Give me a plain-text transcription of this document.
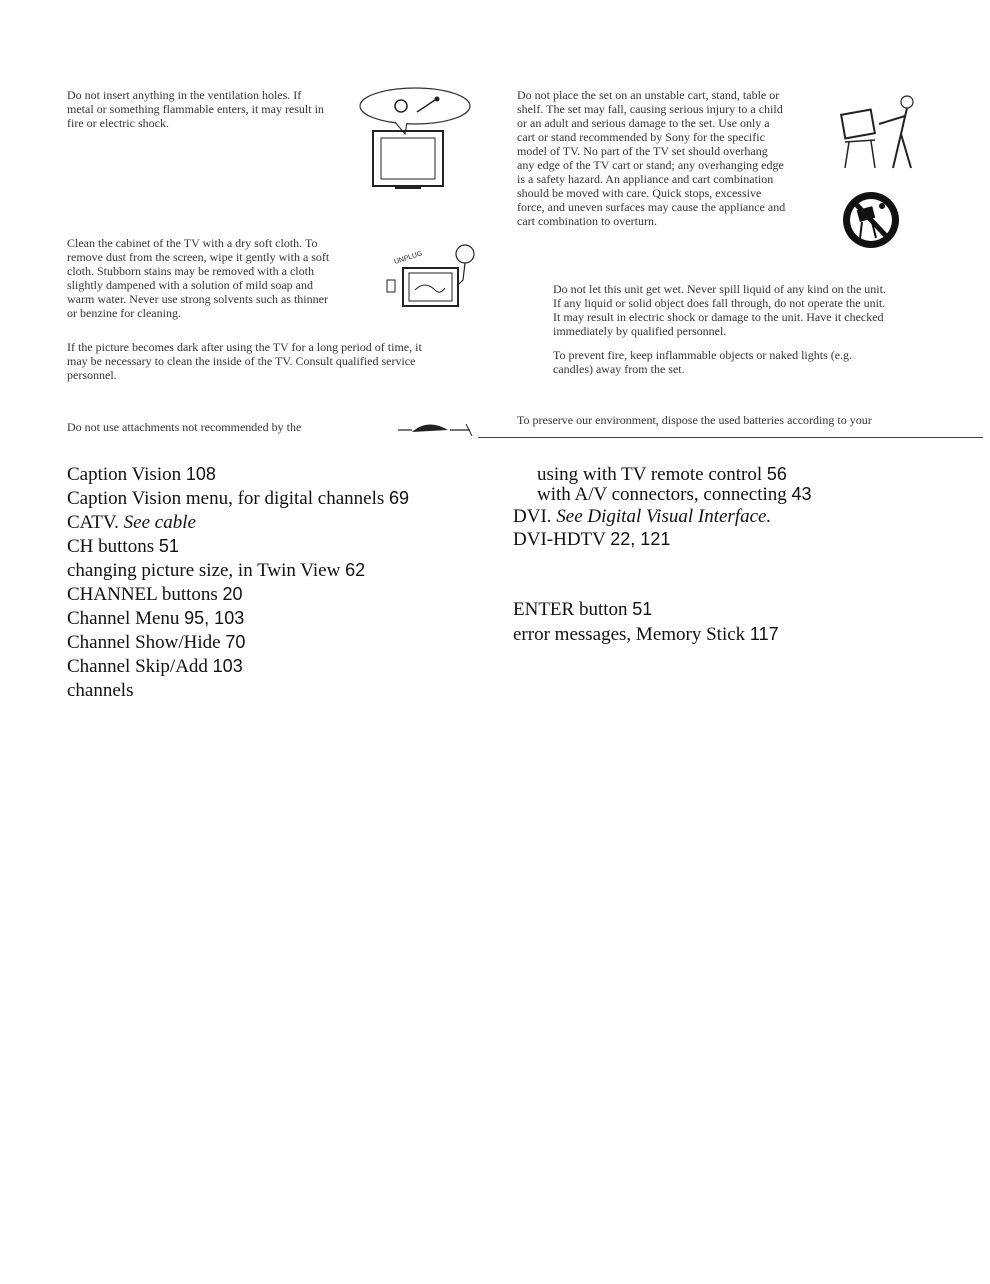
Do not insert anything in the ventilation holes. If
metal or something flammable enters, it may result in
fire or electric shock.

Clean the cabinet of the TV with a dry soft cloth. To
remove dust from the screen, wipe it gently with a soft
cloth. Stubborn stains may be removed with a cloth
slightly dampened with a solution of mild soap and
warm water. Never use strong solvents such as thinner
or benzine for cleaning.

UNPLUG

If the picture becomes dark after using the TV for a long period of time, it
may be necessary to clean the inside of the TV. Consult qualified service
personnel.

Do not use attachments not recommended by the

Do not place the set on an unstable cart, stand, table or
shelf. The set may fall, causing serious injury to a child
or an adult and serious damage to the set. Use only a
cart or stand recommended by Sony for the specific
model of TV. No part of the TV set should overhang
any edge of the TV cart or stand; any overhanging edge
is a safety hazard. An appliance and cart combination
should be moved with care. Quick stops, excessive
force, and uneven surfaces may cause the appliance and
cart combination to overturn.

Do not let this unit get wet. Never spill liquid of any kind on the unit.
If any liquid or solid object does fall through, do not operate the unit.
It may result in electric shock or damage to the unit. Have it checked
immediately by qualified personnel.

To prevent fire, keep inflammable objects or naked lights (e.g.
candles) away from the set.

To preserve our environment, dispose the used batteries according to your

Caption Vision 108
Caption Vision menu, for digital channels 69
CATV. See cable
CH buttons 51
changing picture size, in Twin View 62
CHANNEL buttons 20
Channel Menu 95, 103
Channel Show/Hide 70
Channel Skip/Add 103
channels
using with TV remote control 56
with A/V connectors, connecting 43
DVI. See Digital Visual Interface.
DVI-HDTV 22, 121
ENTER button 51
error messages, Memory Stick 117
